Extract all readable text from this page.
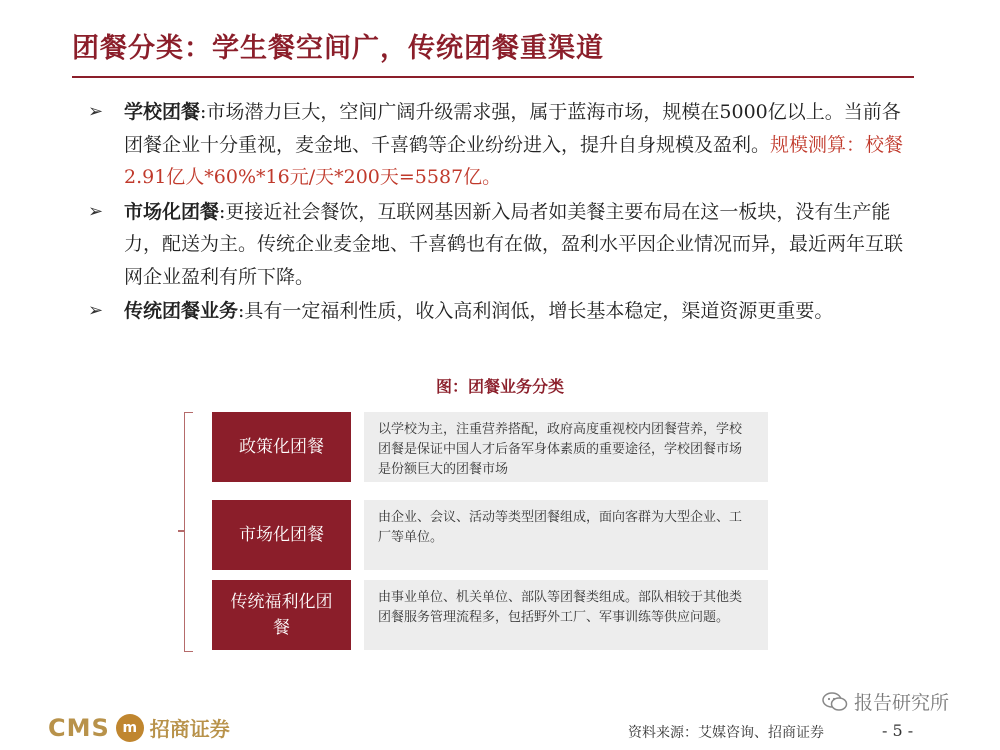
团餐分类：学生餐空间广，传统团餐重渠道
➢ 学校团餐:市场潜力巨大，空间广阔升级需求强，属于蓝海市场，规模在5000亿以上。当前各团餐企业十分重视，麦金地、千喜鹤等企业纷纷进入，提升自身规模及盈利。规模测算：校餐2.91亿人*60%*16元/天*200天=5587亿。
➢ 市场化团餐:更接近社会餐饮，互联网基因新入局者如美餐主要布局在这一板块，没有生产能力，配送为主。传统企业麦金地、千喜鹤也有在做，盈利水平因企业情况而异，最近两年互联网企业盈利有所下降。
➢ 传统团餐业务:具有一定福利性质，收入高利润低，增长基本稳定，渠道资源更重要。
图：团餐业务分类
政策化团餐
以学校为主，注重营养搭配，政府高度重视校内团餐营养，学校团餐是保证中国人才后备军身体素质的重要途径，学校团餐市场是份额巨大的团餐市场
市场化团餐
由企业、会议、活动等类型团餐组成，面向客群为大型企业、工厂等单位。
传统福利化团餐
由事业单位、机关单位、部队等团餐类组成。部队相较于其他类团餐服务管理流程多，包括野外工厂、军事训练等供应问题。
CMS m 招商证券
报告研究所
资料来源：艾媒咨询、招商证券	- 5 -
